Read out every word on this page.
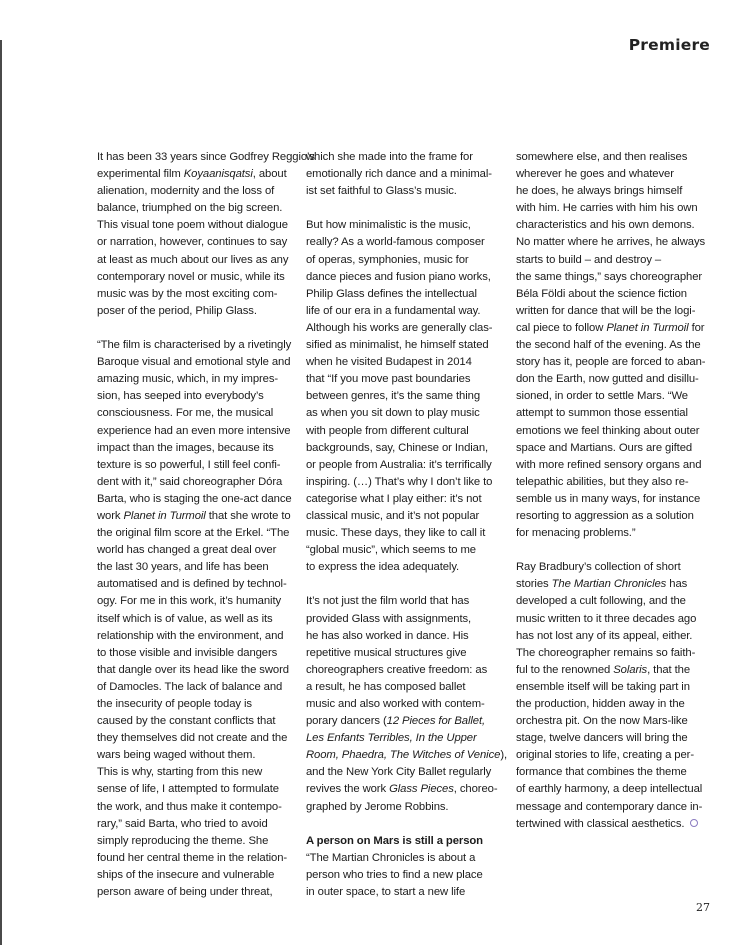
Premiere
It has been 33 years since Godfrey Reggio’s
experimental film Koyaanisqatsi, about
alienation, modernity and the loss of
balance, triumphed on the big screen.
This visual tone poem without dialogue
or narration, however, continues to say
at least as much about our lives as any
contemporary novel or music, while its
music was by the most exciting com-
poser of the period, Philip Glass.
“The film is characterised by a rivetingly
Baroque visual and emotional style and
amazing music, which, in my impres-
sion, has seeped into everybody’s
consciousness. For me, the musical
experience had an even more intensive
impact than the images, because its
texture is so powerful, I still feel confi-
dent with it,” said choreographer Dóra
Barta, who is staging the one-act dance
work Planet in Turmoil that she wrote to
the original film score at the Erkel. “The
world has changed a great deal over
the last 30 years, and life has been
automatised and is defined by technol-
ogy. For me in this work, it’s humanity
itself which is of value, as well as its
relationship with the environment, and
to those visible and invisible dangers
that dangle over its head like the sword
of Damocles. The lack of balance and
the insecurity of people today is
caused by the constant conflicts that
they themselves did not create and the
wars being waged without them.
This is why, starting from this new
sense of life, I attempted to formulate
the work, and thus make it contempo-
rary,” said Barta, who tried to avoid
simply reproducing the theme. She
found her central theme in the relation-
ships of the insecure and vulnerable
person aware of being under threat,
which she made into the frame for
emotionally rich dance and a minimal-
ist set faithful to Glass’s music.
But how minimalistic is the music,
really? As a world-famous composer
of operas, symphonies, music for
dance pieces and fusion piano works,
Philip Glass defines the intellectual
life of our era in a fundamental way.
Although his works are generally clas-
sified as minimalist, he himself stated
when he visited Budapest in 2014
that “If you move past boundaries
between genres, it’s the same thing
as when you sit down to play music
with people from different cultural
backgrounds, say, Chinese or Indian,
or people from Australia: it’s terrifically
inspiring. (…) That’s why I don’t like to
categorise what I play either: it’s not
classical music, and it’s not popular
music. These days, they like to call it
“global music”, which seems to me
to express the idea adequately.
It’s not just the film world that has
provided Glass with assignments,
he has also worked in dance. His
repetitive musical structures give
choreographers creative freedom: as
a result, he has composed ballet
music and also worked with contem-
porary dancers (12 Pieces for Ballet,
Les Enfants Terribles, In the Upper
Room, Phaedra, The Witches of Venice),
and the New York City Ballet regularly
revives the work Glass Pieces, choreo-
graphed by Jerome Robbins.
A person on Mars is still a person
“The Martian Chronicles is about a
person who tries to find a new place
in outer space, to start a new life
somewhere else, and then realises
wherever he goes and whatever
he does, he always brings himself
with him. He carries with him his own
characteristics and his own demons.
No matter where he arrives, he always
starts to build – and destroy –
the same things,” says choreographer
Béla Földi about the science fiction
written for dance that will be the logi-
cal piece to follow Planet in Turmoil for
the second half of the evening. As the
story has it, people are forced to aban-
don the Earth, now gutted and disillu-
sioned, in order to settle Mars. “We
attempt to summon those essential
emotions we feel thinking about outer
space and Martians. Ours are gifted
with more refined sensory organs and
telepathic abilities, but they also re-
semble us in many ways, for instance
resorting to aggression as a solution
for menacing problems.”
Ray Bradbury’s collection of short
stories The Martian Chronicles has
developed a cult following, and the
music written to it three decades ago
has not lost any of its appeal, either.
The choreographer remains so faith-
ful to the renowned Solaris, that the
ensemble itself will be taking part in
the production, hidden away in the
orchestra pit. On the now Mars-like
stage, twelve dancers will bring the
original stories to life, creating a per-
formance that combines the theme
of earthly harmony, a deep intellectual
message and contemporary dance in-
tertwined with classical aesthetics.
27
